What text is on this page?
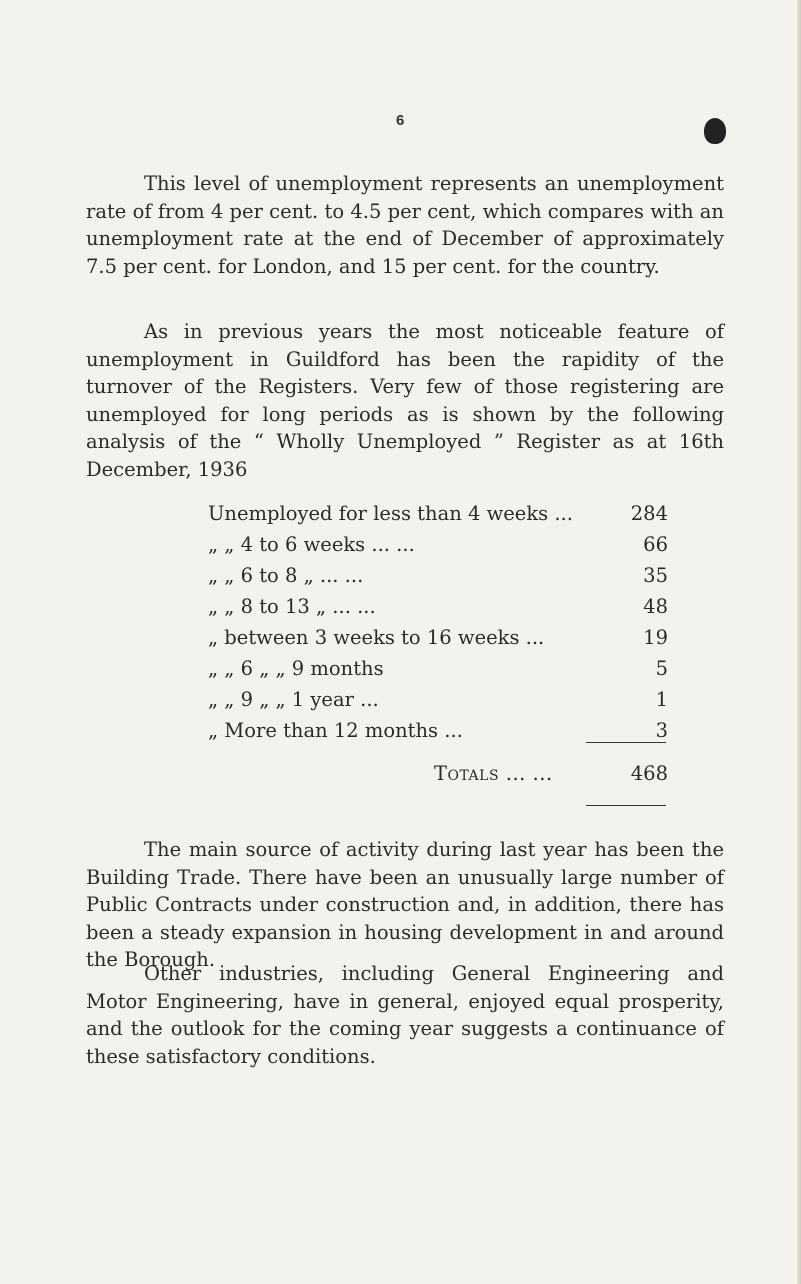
6

This level of unemployment represents an unemployment rate of from 4 per cent. to 4.5 per cent, which compares with an unemployment rate at the end of December of approximately 7.5 per cent. for London, and 15 per cent. for the country.

As in previous years the most noticeable feature of unemployment in Guildford has been the rapidity of the turnover of the Registers. Very few of those registering are unemployed for long periods as is shown by the following analysis of the “ Wholly Unemployed ” Register as at 16th December, 1936

Unemployed for less than 4 weeks ...	284
„ „ 4 to 6 weeks ... ...	66
„ „ 6 to 8 „ ... ...	35
„ „ 8 to 13 „ ... ...	48
„ between 3 weeks to 16 weeks ...	19
„ „ 6 „ „ 9 months	5
„ „ 9 „ „ 1 year ...	1
„ More than 12 months ...	3
Totals ... ...	468

The main source of activity during last year has been the Building Trade. There have been an unusually large number of Public Contracts under construction and, in addition, there has been a steady expansion in housing development in and around the Borough.

Other industries, including General Engineering and Motor Engineering, have in general, enjoyed equal prosperity, and the outlook for the coming year suggests a continuance of these satisfactory conditions.
